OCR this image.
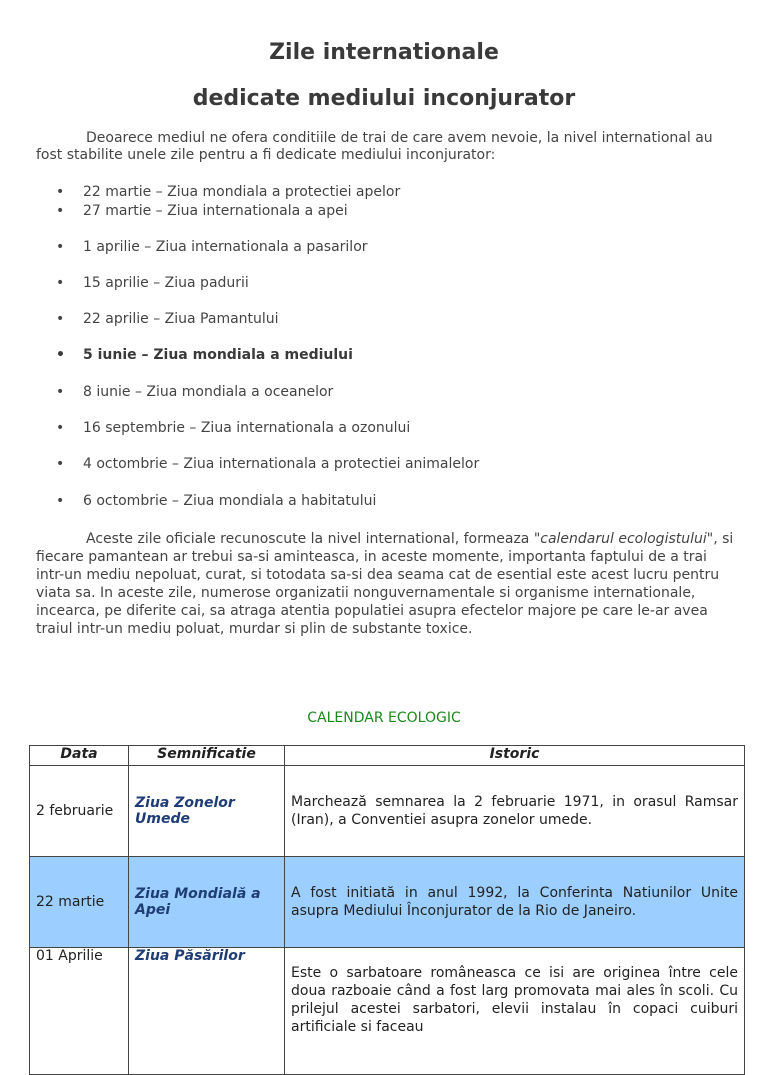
Zile internationale
dedicate mediului inconjurator

Deoarece mediul ne ofera conditiile de trai de care avem nevoie, la nivel international au fost stabilite unele zile pentru a fi dedicate mediului inconjurator:

• 22 martie – Ziua mondiala a protectiei apelor
• 27 martie – Ziua internationala a apei
• 1 aprilie – Ziua internationala a pasarilor
• 15 aprilie – Ziua padurii
• 22 aprilie – Ziua Pamantului
• 5 iunie – Ziua mondiala a mediului
• 8 iunie – Ziua mondiala a oceanelor
• 16 septembrie – Ziua internationala a ozonului
• 4 octombrie – Ziua internationala a protectiei animalelor
• 6 octombrie – Ziua mondiala a habitatului

Aceste zile oficiale recunoscute la nivel international, formeaza "calendarul ecologistului", si fiecare pamantean ar trebui sa-si aminteasca, in aceste momente, importanta faptului de a trai intr-un mediu nepoluat, curat, si totodata sa-si dea seama cat de esential este acest lucru pentru viata sa. In aceste zile, numerose organizatii nonguvernamentale si organisme internationale, incearca, pe diferite cai, sa atraga atentia populatiei asupra efectelor majore pe care le-ar avea traiul intr-un mediu poluat, murdar si plin de substante toxice.

CALENDAR ECOLOGIC
Data	Semnificatie	Istoric
2 februarie	Ziua Zonelor Umede	Marchează semnarea la 2 februarie 1971, in orasul Ramsar (Iran), a Conventiei asupra zonelor umede.
22 martie	Ziua Mondială a Apei	A fost initiată in anul 1992, la Conferinta Natiunilor Unite asupra Mediului Înconjurator de la Rio de Janeiro.
01 Aprilie	Ziua Păsărilor	Este o sarbatoare româneasca ce isi are originea între cele doua razboaie când a fost larg promovata mai ales în scoli. Cu prilejul acestei sarbatori, elevii instalau în copaci cuiburi artificiale si faceau
